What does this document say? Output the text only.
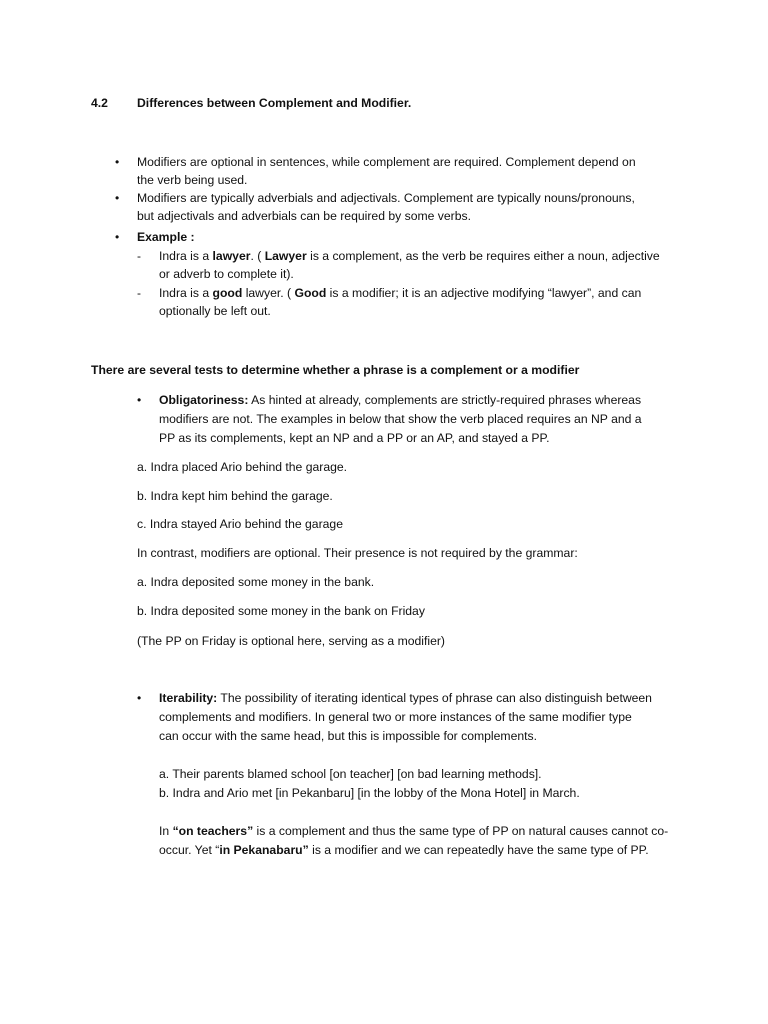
4.2 Differences between Complement and Modifier.
• Modifiers are optional in sentences, while complement are required. Complement depend on
the verb being used.
• Modifiers are typically adverbials and adjectivals. Complement are typically nouns/pronouns,
but adjectivals and adverbials can be required by some verbs.
• Example :
- Indra is a lawyer. ( Lawyer is a complement, as the verb be requires either a noun, adjective
or adverb to complete it).
- Indra is a good lawyer. ( Good is a modifier; it is an adjective modifying “lawyer”, and can
optionally be left out.
There are several tests to determine whether a phrase is a complement or a modifier
• Obligatoriness: As hinted at already, complements are strictly-required phrases whereas
modifiers are not. The examples in below that show the verb placed requires an NP and a
PP as its complements, kept an NP and a PP or an AP, and stayed a PP.
a. Indra placed Ario behind the garage.
b. Indra kept him behind the garage.
c. Indra stayed Ario behind the garage
In contrast, modifiers are optional. Their presence is not required by the grammar:
a. Indra deposited some money in the bank.
b. Indra deposited some money in the bank on Friday
(The PP on Friday is optional here, serving as a modifier)
• Iterability: The possibility of iterating identical types of phrase can also distinguish between
complements and modifiers. In general two or more instances of the same modifier type
can occur with the same head, but this is impossible for complements.
a. Their parents blamed school [on teacher] [on bad learning methods].
b. Indra and Ario met [in Pekanbaru] [in the lobby of the Mona Hotel] in March.
In “on teachers” is a complement and thus the same type of PP on natural causes cannot co-
occur. Yet “in Pekanabaru” is a modifier and we can repeatedly have the same type of PP.
